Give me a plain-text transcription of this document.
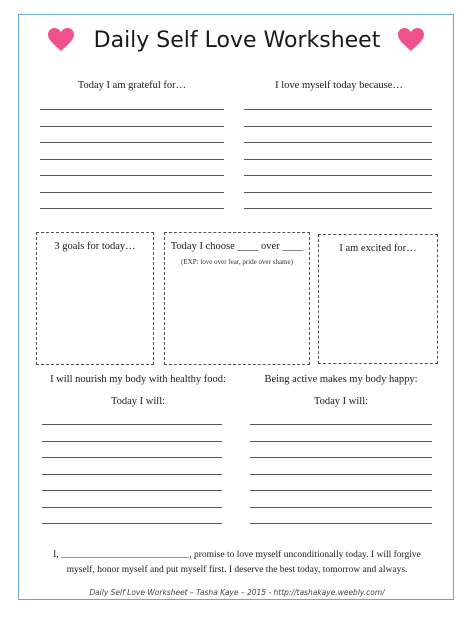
Daily Self Love Worksheet
Today I am grateful for…	I love myself today because…
3 goals for today…	Today I choose ____ over ____
(EXP: love over fear, pride over shame)
I am excited for…
I will nourish my body with healthy food:
Today I will:
Being active makes my body happy:
Today I will:
I, ___________________________, promise to love myself unconditionally today. I will forgive
myself, honor myself and put myself first. I deserve the best today, tomorrow and always.
Daily Self Love Worksheet – Tasha Kaye – 2015 - http://tashakaye.weebly.com/
